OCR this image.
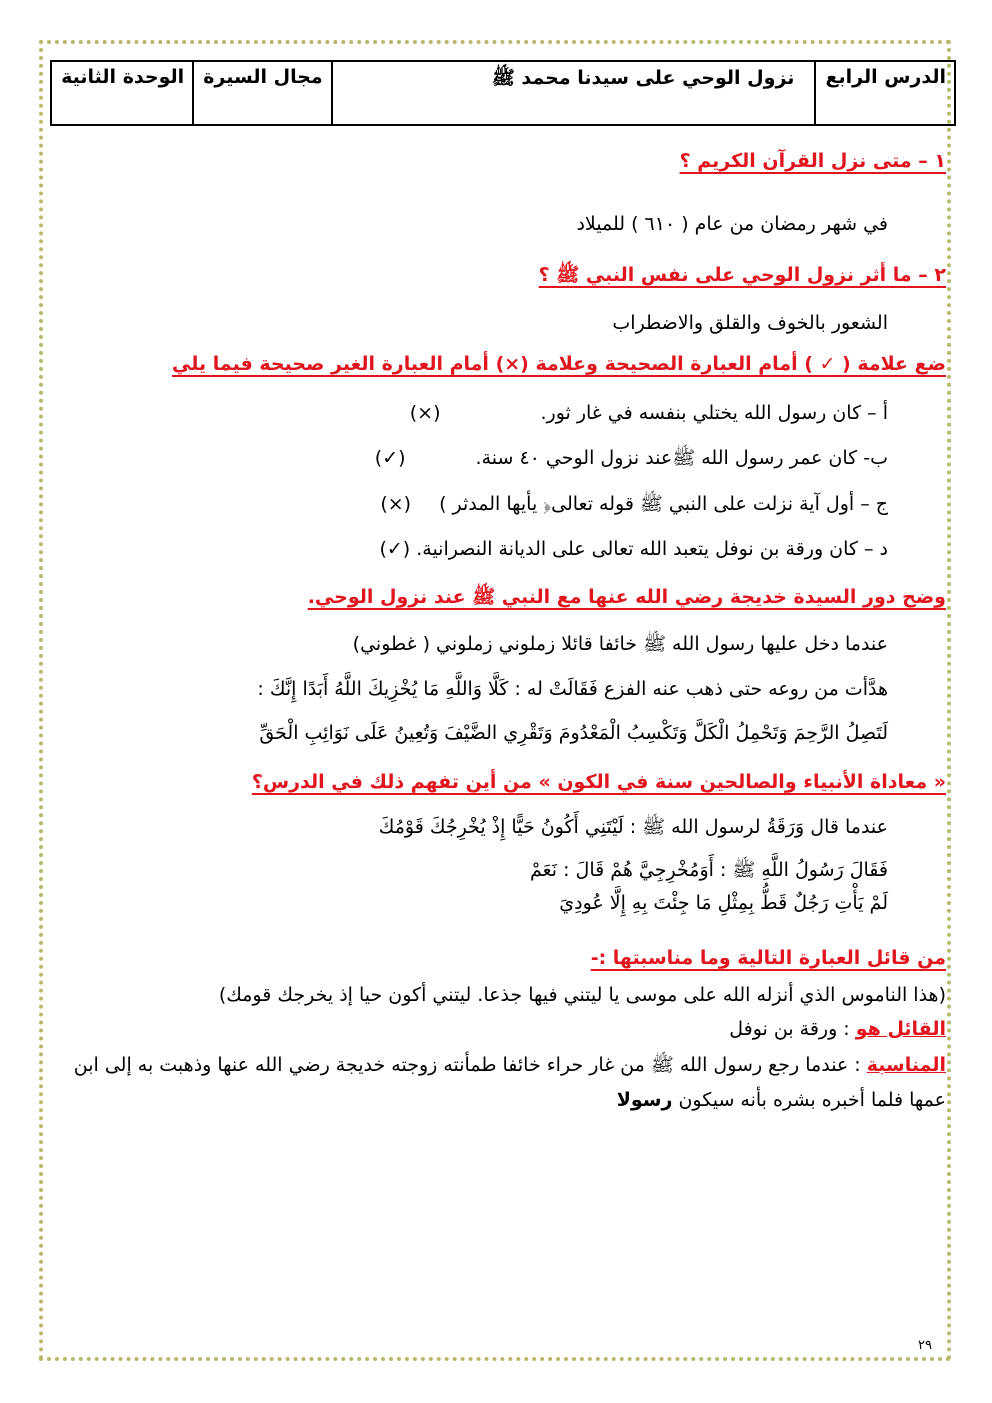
الدرس الرابع	نزول الوحي على سيدنا محمد ﷺ	مجال السيرة	الوحدة الثانية
١ – متى نزل القرآن الكريم ؟
في شهر رمضان من عام ( ٦١٠ ) للميلاد
٢ – ما أثر نزول الوحي على نفس النبي ﷺ ؟
الشعور بالخوف والقلق والاضطراب
ضع علامة ( ✓ ) أمام العبارة الصحيحة وعلامة (×) أمام العبارة الغير صحيحة فيما يلي
أ – كان رسول الله يختلي بنفسه في غار ثور.(×)
ب- كان عمر رسول الله ﷺعند نزول الوحي ٤٠ سنة.(✓)
ج – أول آية نزلت على النبي ﷺ قوله تعالى﴿ يأيها المدثر )(×)
د – كان ورقة بن نوفل يتعبد الله تعالى على الديانة النصرانية.(✓)
وضح دور السيدة خديجة رضي الله عنها مع النبي ﷺ عند نزول الوحي.
عندما دخل عليها رسول الله ﷺ خائفا قائلا زملوني زملوني ( غطوني)
هدَّأت من روعه حتى ذهب عنه الفزع فَقَالَتْ له : كَلَّا وَاللَّهِ مَا يُخْزِيكَ اللَّهُ أَبَدًا إِنَّكَ :
لَتَصِلُ الرَّحِمَ وَتَحْمِلُ الْكَلَّ وَتَكْسِبُ الْمَعْدُومَ وَتَقْرِي الضَّيْفَ وَتُعِينُ عَلَى نَوَائِبِ الْحَقِّ
« معاداة الأنبياء والصالحين سنة في الكون » من أين تفهم ذلك في الدرس؟
عندما قال وَرَقَةُ لرسول الله ﷺ : لَيْتَنِي أَكُونُ حَيًّا إِذْ يُخْرِجُكَ قَوْمُكَ
فَقَالَ رَسُولُ اللَّهِ ﷺ : أَوَمُخْرِجِيَّ هُمْ قَالَ : نَعَمْ
لَمْ يَأْتِ رَجُلٌ قَطُّ بِمِثْلِ مَا جِئْتَ بِهِ إِلَّا عُودِيَ
من قائل العبارة التالية وما مناسبتها :-
(هذا الناموس الذي أنزله الله على موسى يا ليتني فيها جذعا. ليتني أكون حيا إذ يخرجك قومك)
القائل هو : ورقة بن نوفل
المناسبة : عندما رجع رسول الله ﷺ من غار حراء خائفا طمأنته زوجته خديجة رضي الله عنها وذهبت به إلى ابن
عمها فلما أخبره بشره بأنه سيكون رسولا
٢٩
